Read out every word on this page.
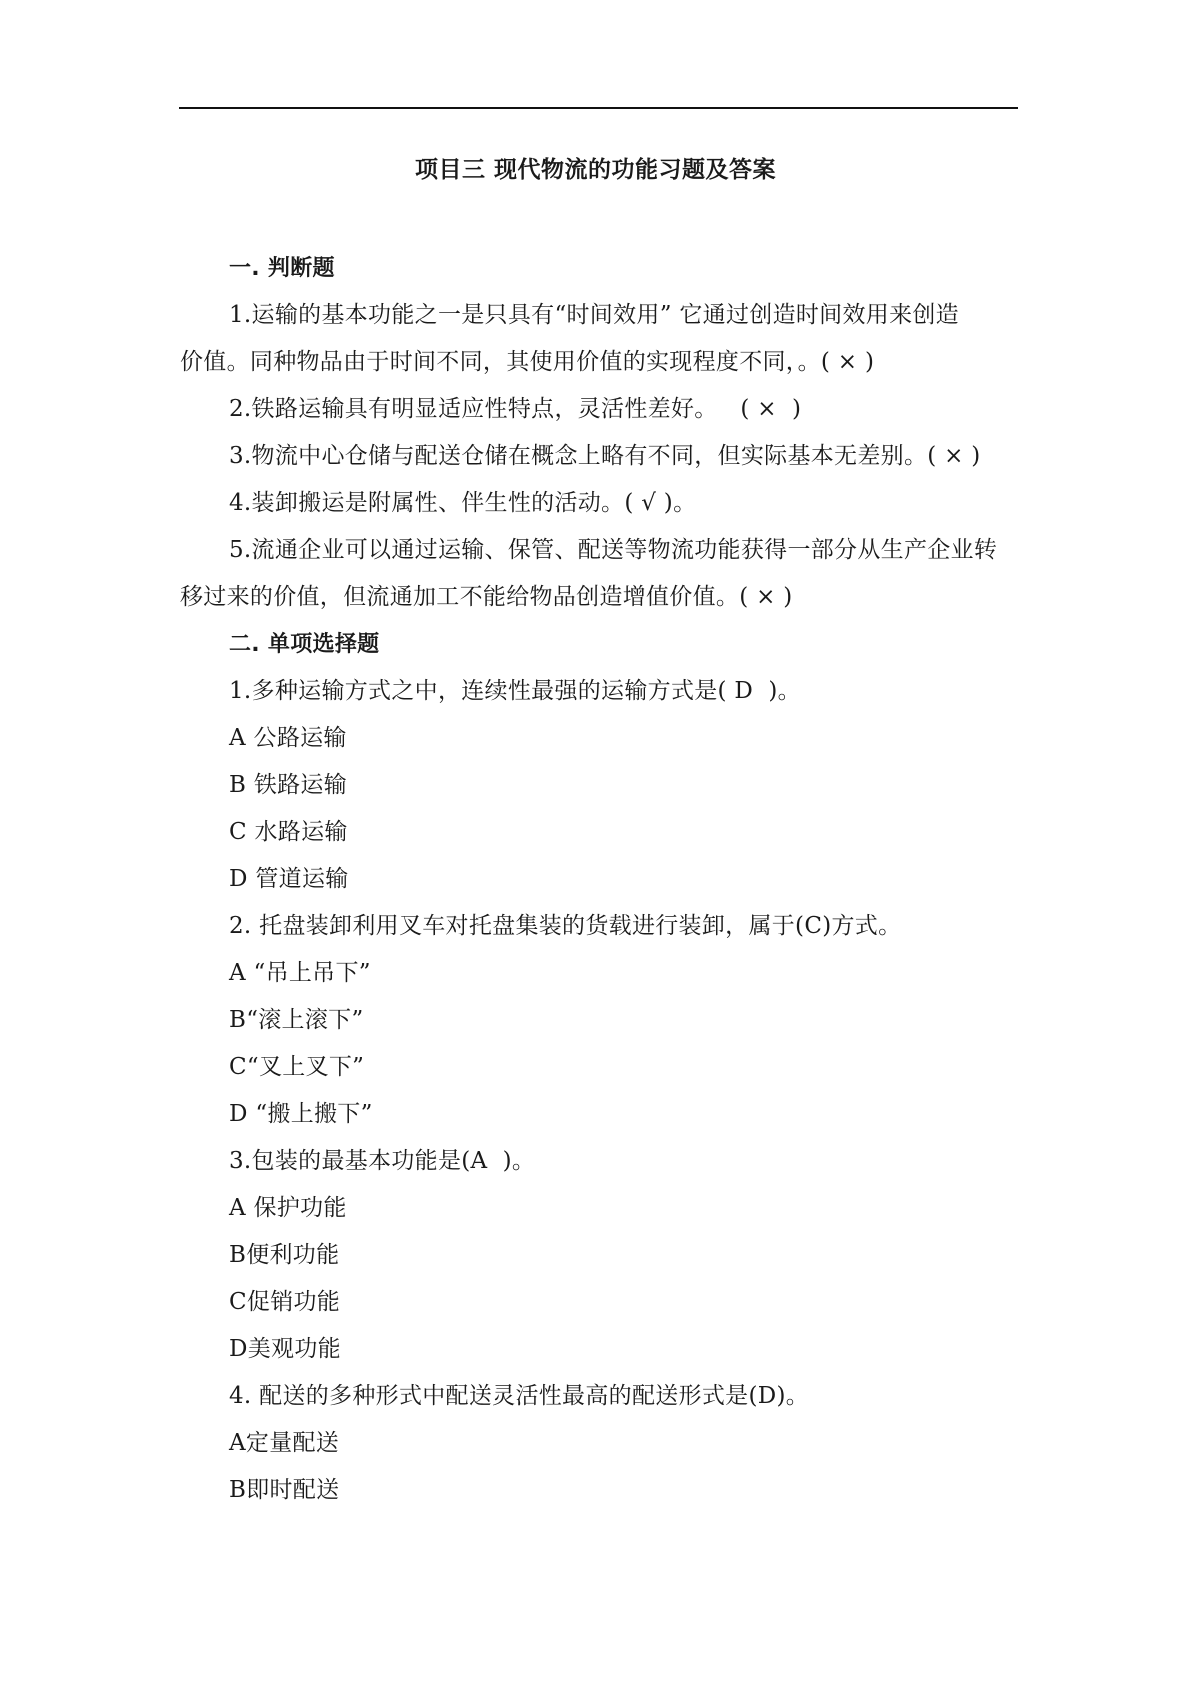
项目三 现代物流的功能习题及答案
一. 判断题
1.运输的基本功能之一是只具有“时间效用” 它通过创造时间效用来创造
价值。同种物品由于时间不同，其使用价值的实现程度不同，。( × )
2.铁路运输具有明显适应性特点，灵活性差好。   ( ×  )
3.物流中心仓储与配送仓储在概念上略有不同，但实际基本无差别。( × )
4.装卸搬运是附属性、伴生性的活动。( √ )。
5.流通企业可以通过运输、保管、配送等物流功能获得一部分从生产企业转
移过来的价值，但流通加工不能给物品创造增值价值。( × )
二. 单项选择题
1.多种运输方式之中，连续性最强的运输方式是( D  )。
A 公路运输
B 铁路运输
C 水路运输
D 管道运输
2. 托盘装卸利用叉车对托盘集装的货载进行装卸，属于(C)方式。
A “吊上吊下”
B“滚上滚下”
C“叉上叉下”
D “搬上搬下”
3.包装的最基本功能是(A  )。
A 保护功能
B便利功能
C促销功能
D美观功能
4. 配送的多种形式中配送灵活性最高的配送形式是(D)。
A定量配送
B即时配送
